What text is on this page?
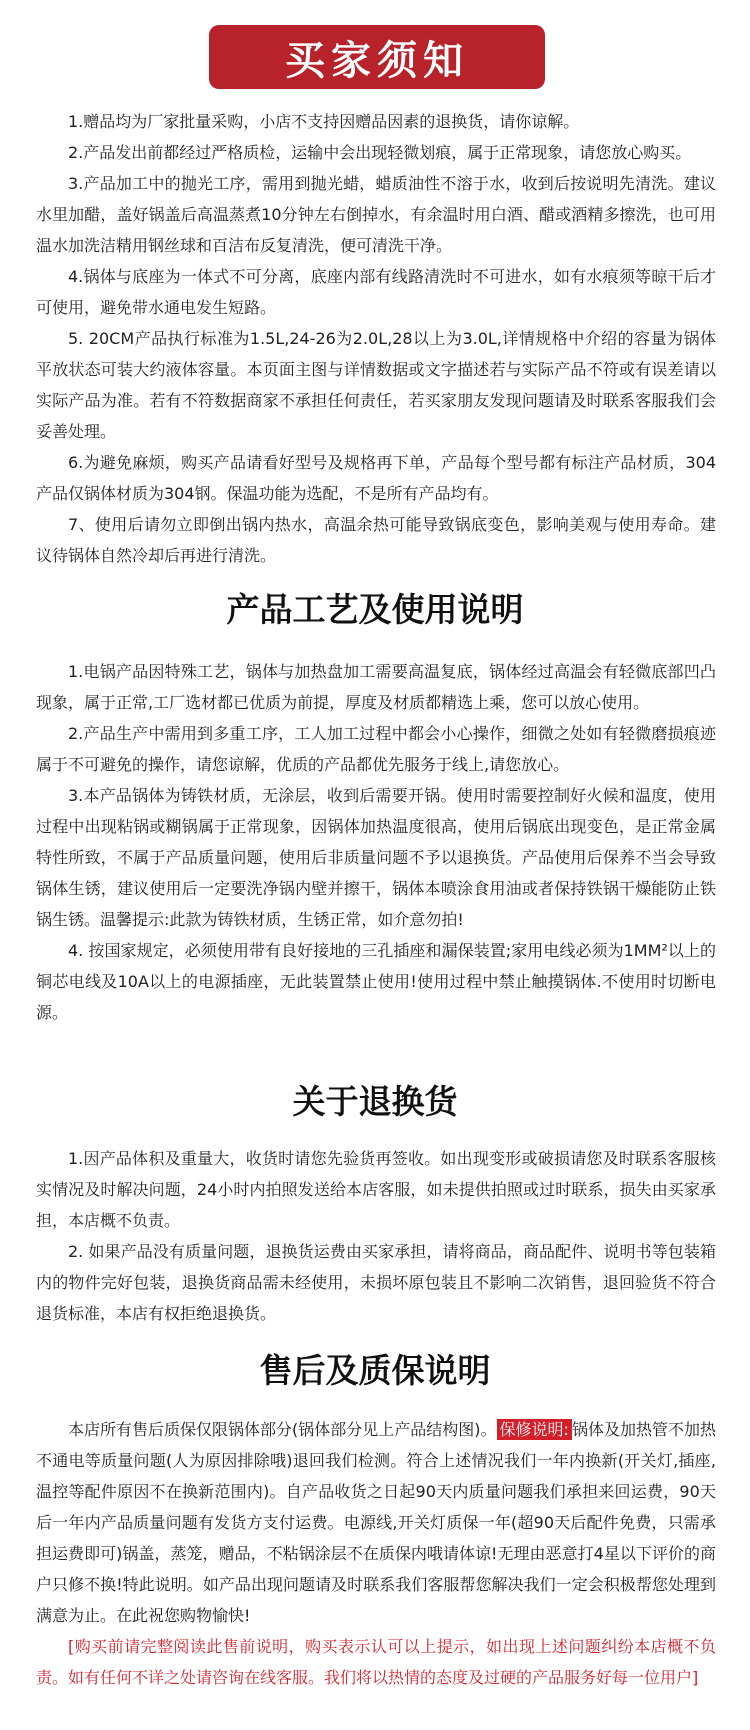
买家须知

1.赠品均为厂家批量采购，小店不支持因赠品因素的退换货，请你谅解。

2.产品发出前都经过严格质检，运输中会出现轻微划痕，属于正常现象，请您放心购买。

3.产品加工中的抛光工序，需用到抛光蜡，蜡质油性不溶于水，收到后按说明先清洗。建议水里加醋，盖好锅盖后高温蒸煮10分钟左右倒掉水，有余温时用白酒、醋或酒精多擦洗，也可用温水加洗洁精用钢丝球和百洁布反复清洗，便可清洗干净。

4.锅体与底座为一体式不可分离，底座内部有线路清洗时不可进水，如有水痕须等晾干后才可使用，避免带水通电发生短路。

5. 20CM产品执行标准为1.5L,24-26为2.0L,28以上为3.0L,详情规格中介绍的容量为锅体平放状态可装大约液体容量。本页面主图与详情数据或文字描述若与实际产品不符或有误差请以实际产品为准。若有不符数据商家不承担任何责任，若买家朋友发现问题请及时联系客服我们会妥善处理。

6.为避免麻烦，购买产品请看好型号及规格再下单，产品每个型号都有标注产品材质，304产品仅锅体材质为304钢。保温功能为选配，不是所有产品均有。

7、使用后请勿立即倒出锅内热水，高温余热可能导致锅底变色，影响美观与使用寿命。建议待锅体自然冷却后再进行清洗。

产品工艺及使用说明

1.电锅产品因特殊工艺，锅体与加热盘加工需要高温复底，锅体经过高温会有轻微底部凹凸现象，属于正常,工厂选材都已优质为前提，厚度及材质都精选上乘，您可以放心使用。

2.产品生产中需用到多重工序，工人加工过程中都会小心操作，细微之处如有轻微磨损痕迹属于不可避免的操作，请您谅解，优质的产品都优先服务于线上,请您放心。

3.本产品锅体为铸铁材质，无涂层，收到后需要开锅。使用时需要控制好火候和温度，使用过程中出现粘锅或糊锅属于正常现象，因锅体加热温度很高，使用后锅底出现变色，是正常金属特性所致，不属于产品质量问题，使用后非质量问题不予以退换货。产品使用后保养不当会导致锅体生锈，建议使用后一定要洗净锅内壁并擦干，锅体本喷涂食用油或者保持铁锅干燥能防止铁锅生锈。温馨提示:此款为铸铁材质，生锈正常，如介意勿拍!

4. 按国家规定，必须使用带有良好接地的三孔插座和漏保装置;家用电线必须为1MM²以上的铜芯电线及10A以上的电源插座，无此装置禁止使用!使用过程中禁止触摸锅体.不使用时切断电源。

关于退换货

1.因产品体积及重量大，收货时请您先验货再签收。如出现变形或破损请您及时联系客服核实情况及时解决问题，24小时内拍照发送给本店客服，如未提供拍照或过时联系，损失由买家承担，本店概不负责。

2. 如果产品没有质量问题，退换货运费由买家承担，请将商品，商品配件、说明书等包装箱内的物件完好包装，退换货商品需未经使用，未损坏原包装且不影响二次销售，退回验货不符合退货标准，本店有权拒绝退换货。

售后及质保说明

本店所有售后质保仅限锅体部分(锅体部分见上产品结构图)。 保修说明: 锅体及加热管不加热不通电等质量问题(人为原因排除哦)退回我们检测。符合上述情况我们一年内换新(开关灯,插座,温控等配件原因不在换新范围内)。自产品收货之日起90天内质量问题我们承担来回运费，90天后一年内产品质量问题有发货方支付运费。电源线,开关灯质保一年(超90天后配件免费，只需承担运费即可)锅盖，蒸笼，赠品，不粘锅涂层不在质保内哦请体谅!无理由恶意打4星以下评价的商户只修不换!特此说明。如产品出现问题请及时联系我们客服帮您解决我们一定会积极帮您处理到满意为止。在此祝您购物愉快!

[购买前请完整阅读此售前说明，购买表示认可以上提示，如出现上述问题纠纷本店概不负责。如有任何不详之处请咨询在线客服。我们将以热情的态度及过硬的产品服务好每一位用户]
